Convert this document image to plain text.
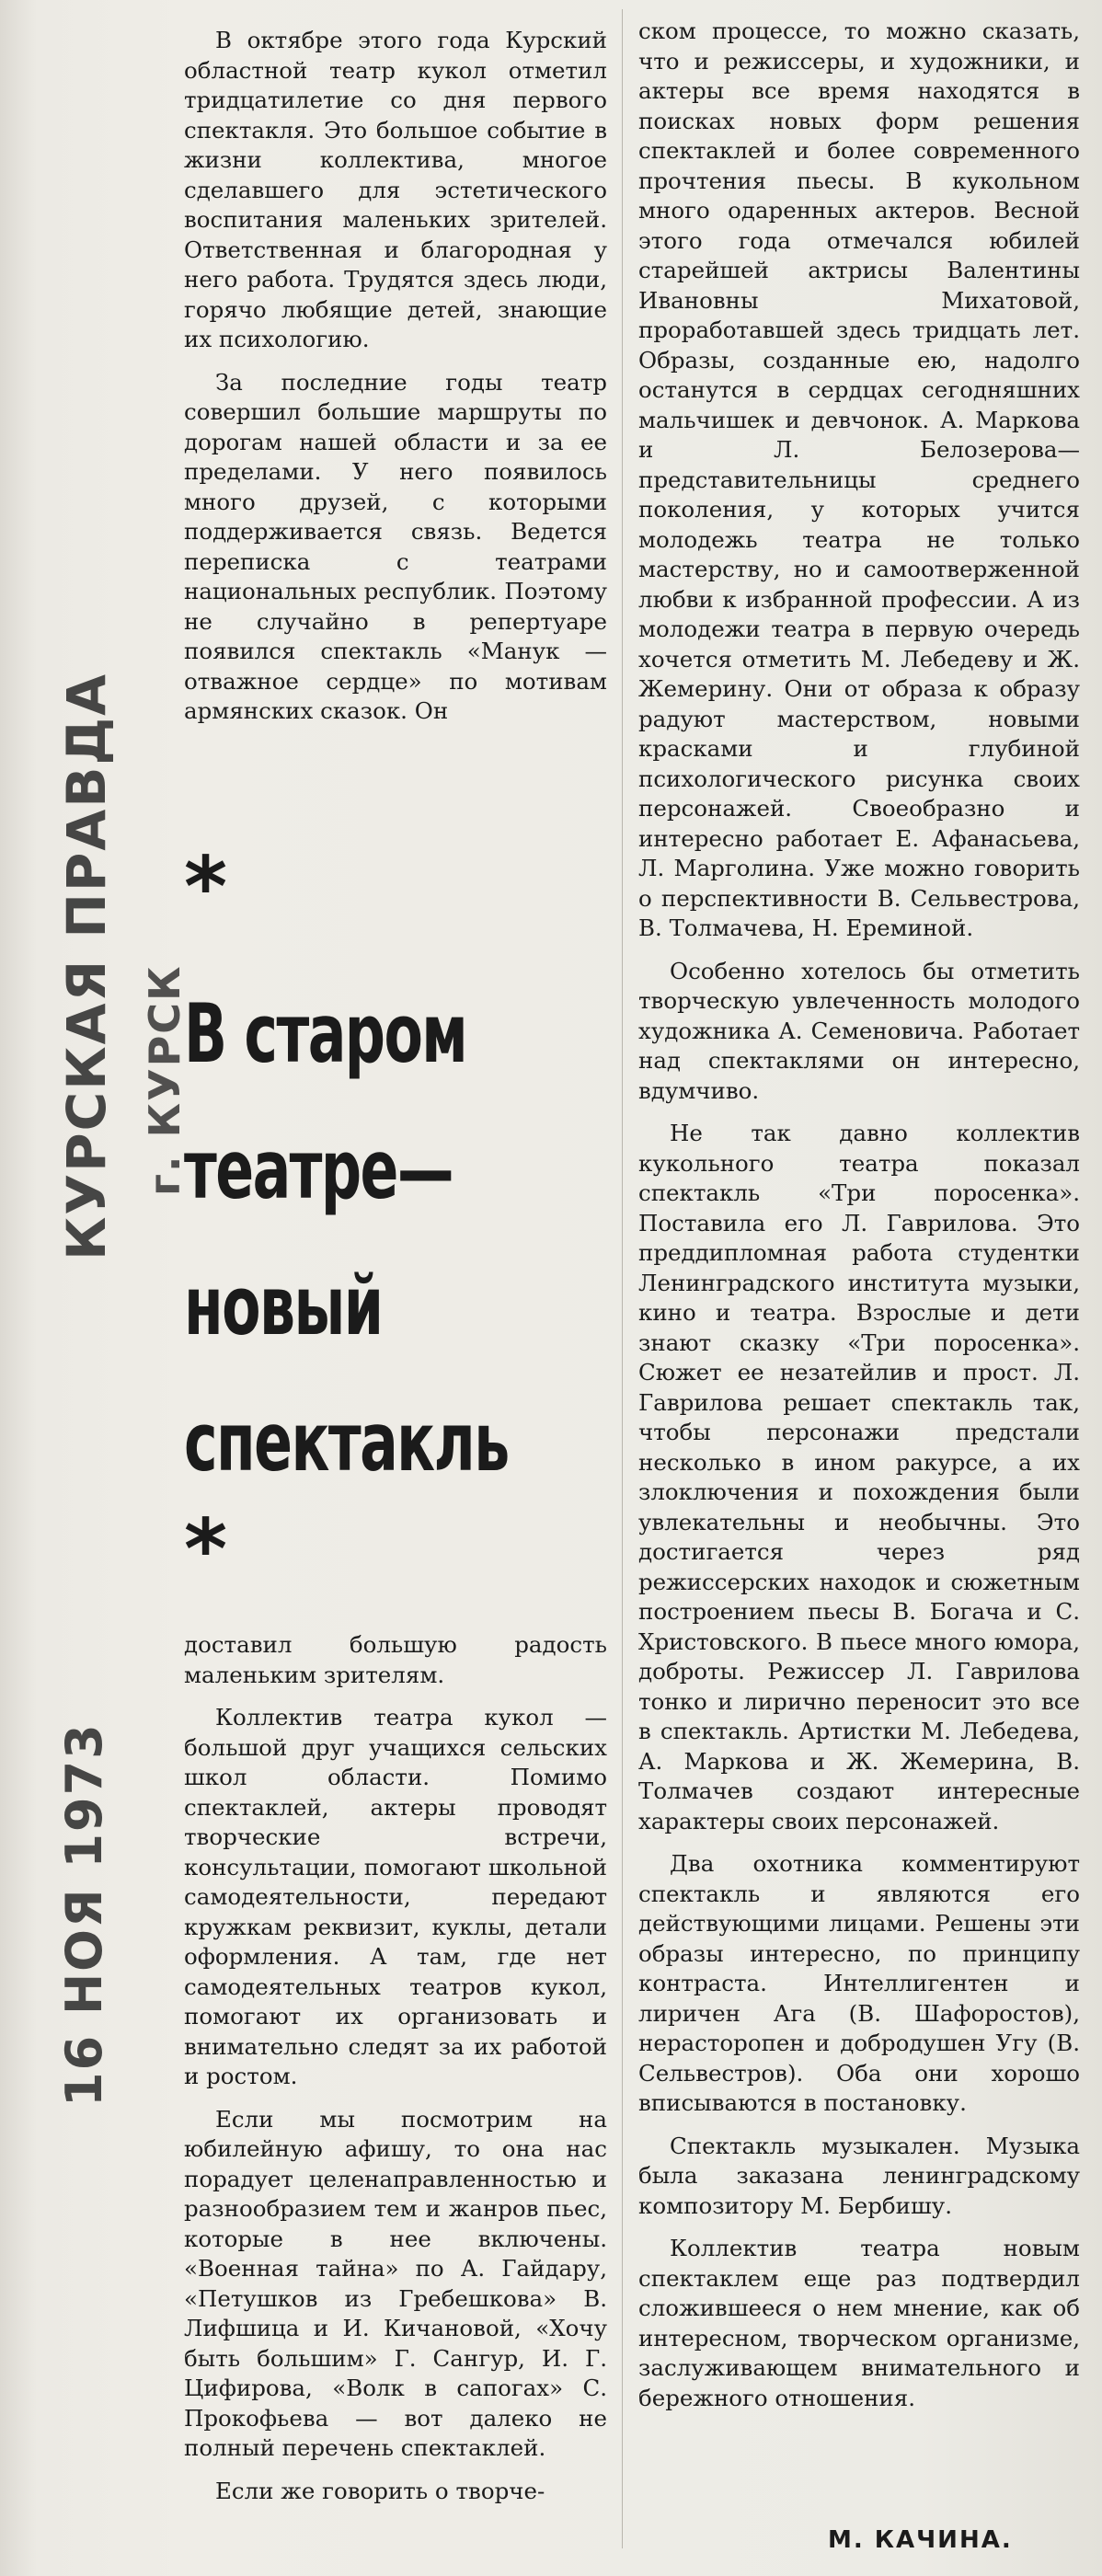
КУРСКАЯ ПРАВДА г. КУРСК
16 НОЯ 1973

В октябре этого года Курский областной театр кукол отметил тридцатилетие со дня первого спектакля. Это большое событие в жизни коллектива, многое сделавшего для эстетического воспитания маленьких зрителей. Ответственная и благородная у него работа. Трудятся здесь люди, горячо любящие детей, знающие их психологию.

За последние годы театр совершил большие маршруты по дорогам нашей области и за ее пределами. У него появилось много друзей, с которыми поддерживается связь. Ведется переписка с театрами национальных республик. Поэтому не случайно в репертуаре появился спектакль «Манук — отважное сердце» по мотивам армянских сказок. Он

*
В старом
театре—
новый
спектакль
*

доставил большую радость маленьким зрителям.

Коллектив театра кукол — большой друг учащихся сельских школ области. Помимо спектаклей, актеры проводят творческие встречи, консультации, помогают школьной самодеятельности, передают кружкам реквизит, куклы, детали оформления. А там, где нет самодеятельных театров кукол, помогают их организовать и внимательно следят за их работой и ростом.

Если мы посмотрим на юбилейную афишу, то она нас порадует целенаправленностью и разнообразием тем и жанров пьес, которые в нее включены. «Военная тайна» по А. Гайдару, «Петушков из Гребешкова» В. Лифшица и И. Кичановой, «Хочу быть большим» Г. Сангур, И. Г. Цифирова, «Волк в сапогах» С. Прокофьева — вот далеко не полный перечень спектаклей.

Если же говорить о творче-

ском процессе, то можно сказать, что и режиссеры, и художники, и актеры все время находятся в поисках новых форм решения спектаклей и более современного прочтения пьесы. В кукольном много одаренных актеров. Весной этого года отмечался юбилей старейшей актрисы Валентины Ивановны Михатовой, проработавшей здесь тридцать лет. Образы, созданные ею, надолго останутся в сердцах сегодняшних мальчишек и девчонок. А. Маркова и Л. Белозерова—представительницы среднего поколения, у которых учится молодежь театра не только мастерству, но и самоотверженной любви к избранной профессии. А из молодежи театра в первую очередь хочется отметить М. Лебедеву и Ж. Жемерину. Они от образа к образу радуют мастерством, новыми красками и глубиной психологического рисунка своих персонажей. Своеобразно и интересно работает Е. Афанасьева, Л. Марголина. Уже можно говорить о перспективности В. Сельвестрова, В. Толмачева, Н. Ереминой.

Особенно хотелось бы отметить творческую увлеченность молодого художника А. Семеновича. Работает над спектаклями он интересно, вдумчиво.

Не так давно коллектив кукольного театра показал спектакль «Три поросенка». Поставила его Л. Гаврилова. Это преддипломная работа студентки Ленинградского института музыки, кино и театра. Взрослые и дети знают сказку «Три поросенка». Сюжет ее незатейлив и прост. Л. Гаврилова решает спектакль так, чтобы персонажи предстали несколько в ином ракурсе, а их злоключения и похождения были увлекательны и необычны. Это достигается через ряд режиссерских находок и сюжетным построением пьесы В. Богача и С. Христовского. В пьесе много юмора, доброты. Режиссер Л. Гаврилова тонко и лирично переносит это все в спектакль. Артистки М. Лебедева, А. Маркова и Ж. Жемерина, В. Толмачев создают интересные характеры своих персонажей.

Два охотника комментируют спектакль и являются его действующими лицами. Решены эти образы интересно, по принципу контраста. Интеллигентен и лиричен Ага (В. Шафоростов), нерасторопен и добродушен Угу (В. Сельвестров). Оба они хорошо вписываются в постановку.

Спектакль музыкален. Музыка была заказана ленинградскому композитору М. Бербишу.

Коллектив театра новым спектаклем еще раз подтвердил сложившееся о нем мнение, как об интересном, творческом организме, заслуживающем внимательного и бережного отношения.

М. КАЧИНА.
